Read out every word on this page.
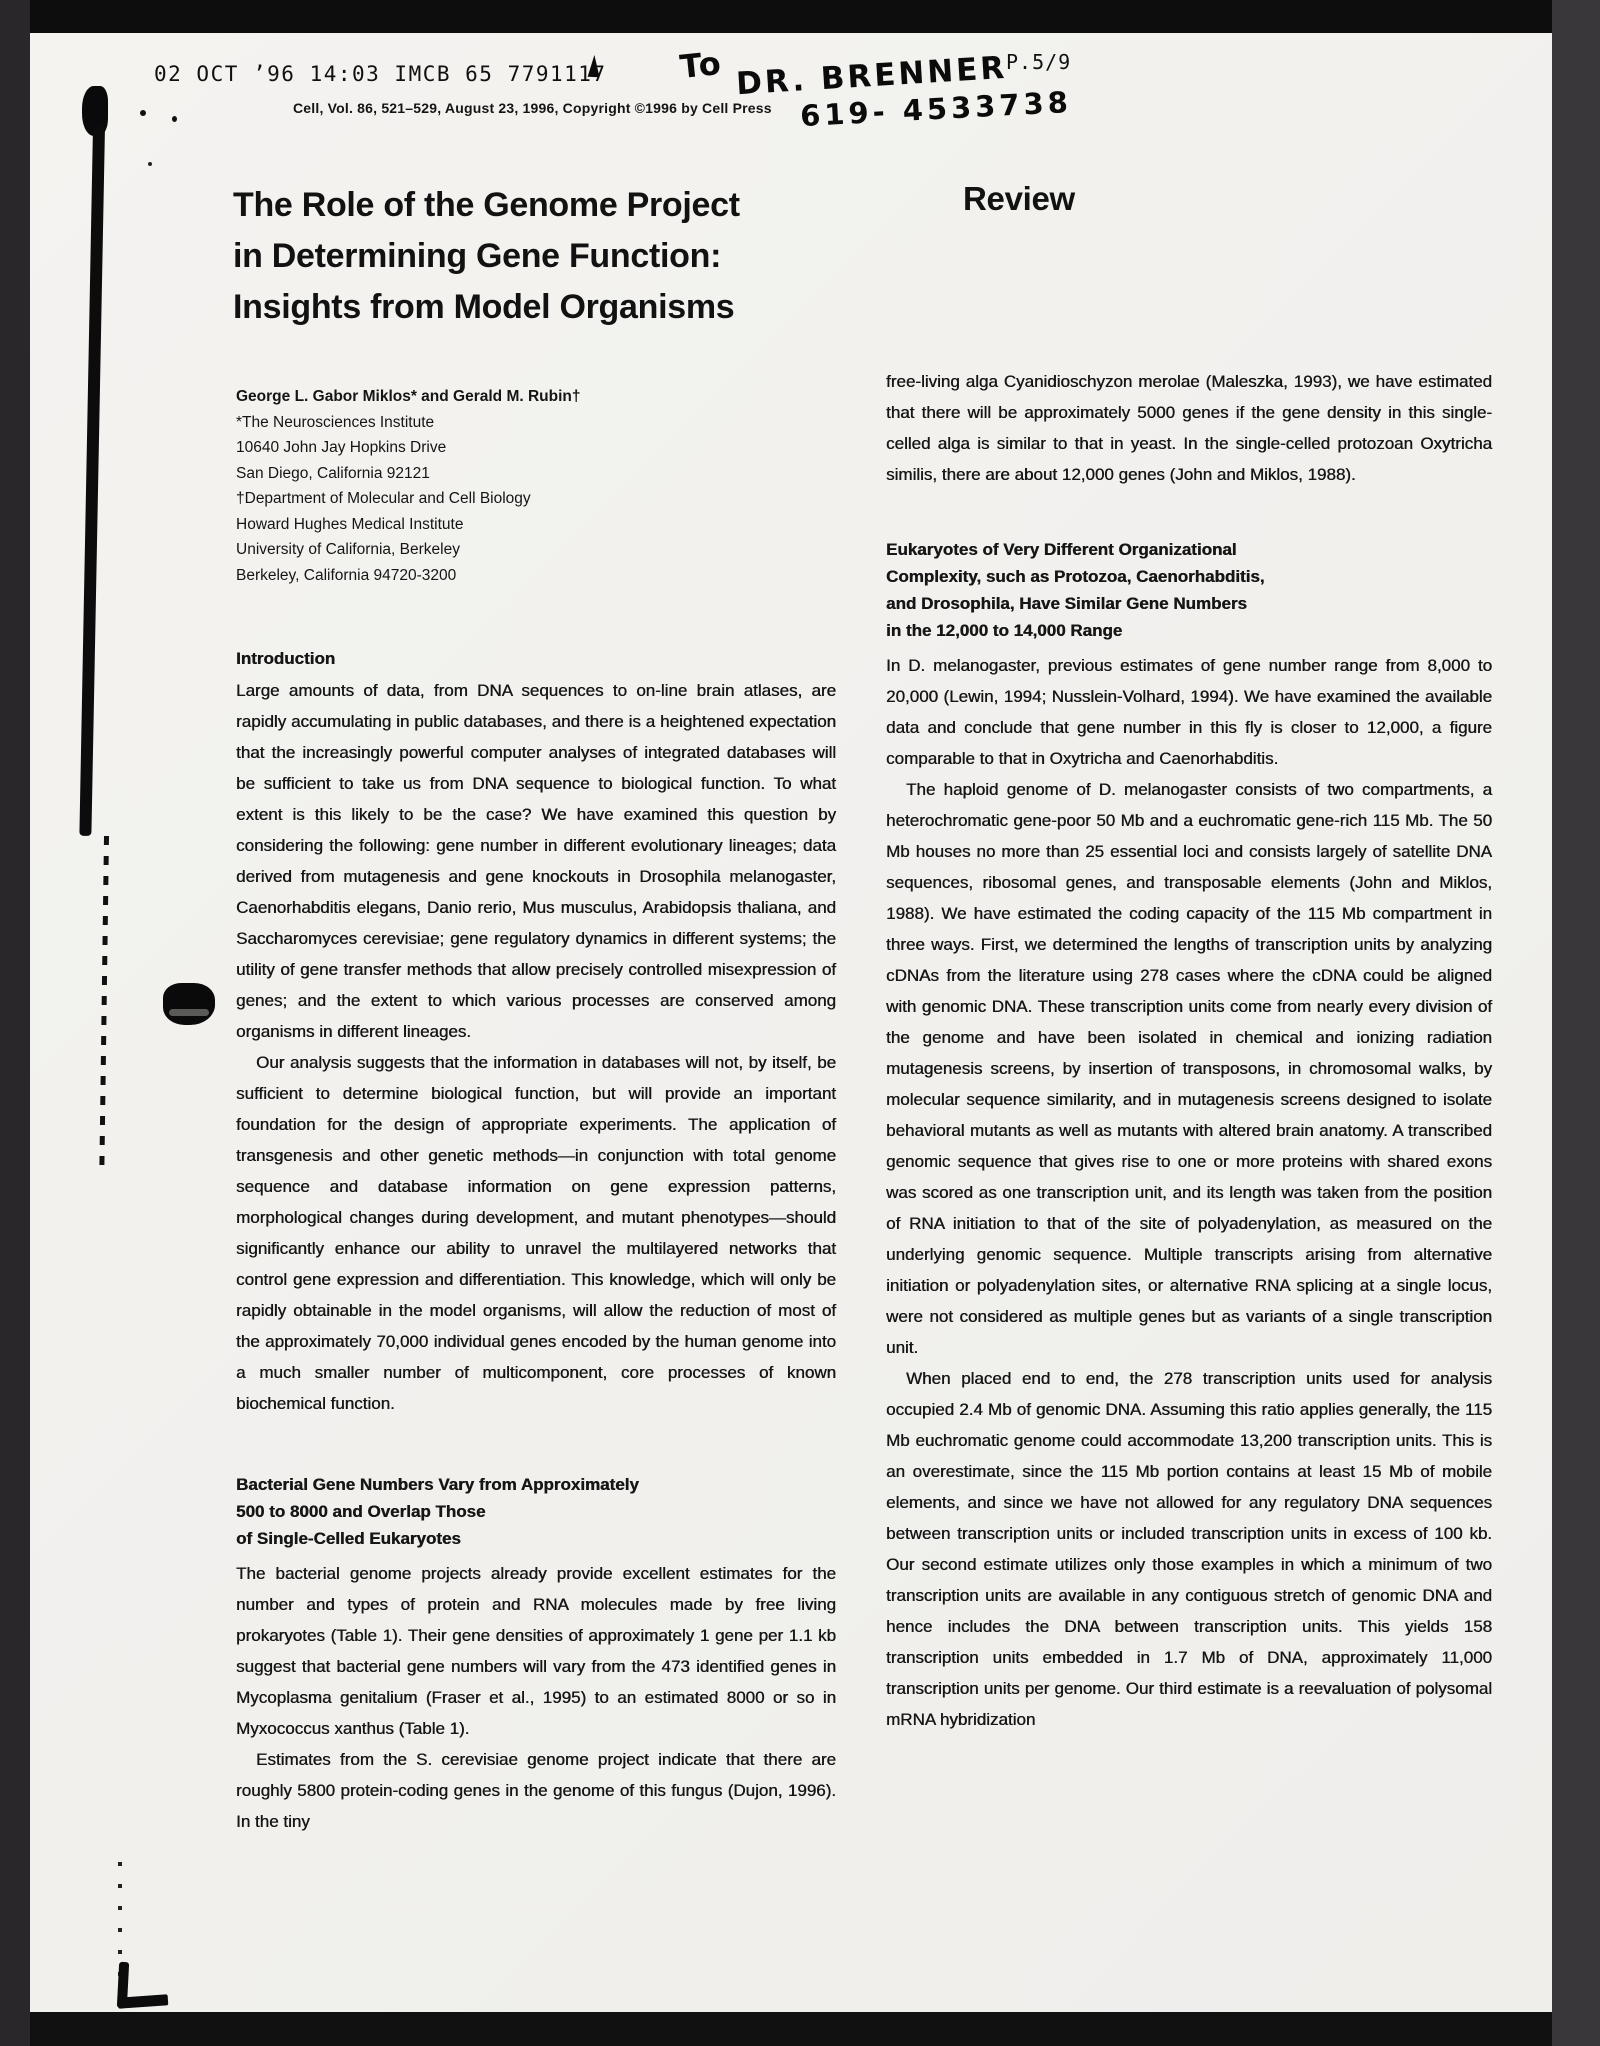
02 OCT ’96 14:03 IMCB 65 7791117	P.5/9
To DR. BRENNER
619- 4533738
Cell, Vol. 86, 521–529, August 23, 1996, Copyright ©1996 by Cell Press
The Role of the Genome Project
in Determining Gene Function:
Insights from Model Organisms
Review
George L. Gabor Miklos* and Gerald M. Rubin†
*The Neurosciences Institute
10640 John Jay Hopkins Drive
San Diego, California 92121
†Department of Molecular and Cell Biology
Howard Hughes Medical Institute
University of California, Berkeley
Berkeley, California 94720-3200
Introduction

Large amounts of data, from DNA sequences to on-line brain atlases, are rapidly accumulating in public databases, and there is a heightened expectation that the increasingly powerful computer analyses of integrated databases will be sufficient to take us from DNA sequence to biological function. To what extent is this likely to be the case? We have examined this question by considering the following: gene number in different evolutionary lineages; data derived from mutagenesis and gene knockouts in Drosophila melanogaster, Caenorhabditis elegans, Danio rerio, Mus musculus, Arabidopsis thaliana, and Saccharomyces cerevisiae; gene regulatory dynamics in different systems; the utility of gene transfer methods that allow precisely controlled misexpression of genes; and the extent to which various processes are conserved among organisms in different lineages.

Our analysis suggests that the information in databases will not, by itself, be sufficient to determine biological function, but will provide an important foundation for the design of appropriate experiments. The application of transgenesis and other genetic methods—in conjunction with total genome sequence and database information on gene expression patterns, morphological changes during development, and mutant phenotypes—should significantly enhance our ability to unravel the multilayered networks that control gene expression and differentiation. This knowledge, which will only be rapidly obtainable in the model organisms, will allow the reduction of most of the approximately 70,000 individual genes encoded by the human genome into a much smaller number of multicomponent, core processes of known biochemical function.

Bacterial Gene Numbers Vary from Approximately
500 to 8000 and Overlap Those
of Single-Celled Eukaryotes

The bacterial genome projects already provide excellent estimates for the number and types of protein and RNA molecules made by free living prokaryotes (Table 1). Their gene densities of approximately 1 gene per 1.1 kb suggest that bacterial gene numbers will vary from the 473 identified genes in Mycoplasma genitalium (Fraser et al., 1995) to an estimated 8000 or so in Myxococcus xanthus (Table 1).

Estimates from the S. cerevisiae genome project indicate that there are roughly 5800 protein-coding genes in the genome of this fungus (Dujon, 1996). In the tiny

free-living alga Cyanidioschyzon merolae (Maleszka, 1993), we have estimated that there will be approximately 5000 genes if the gene density in this single-celled alga is similar to that in yeast. In the single-celled protozoan Oxytricha similis, there are about 12,000 genes (John and Miklos, 1988).

Eukaryotes of Very Different Organizational
Complexity, such as Protozoa, Caenorhabditis,
and Drosophila, Have Similar Gene Numbers
in the 12,000 to 14,000 Range

In D. melanogaster, previous estimates of gene number range from 8,000 to 20,000 (Lewin, 1994; Nusslein-Volhard, 1994). We have examined the available data and conclude that gene number in this fly is closer to 12,000, a figure comparable to that in Oxytricha and Caenorhabditis.

The haploid genome of D. melanogaster consists of two compartments, a heterochromatic gene-poor 50 Mb and a euchromatic gene-rich 115 Mb. The 50 Mb houses no more than 25 essential loci and consists largely of satellite DNA sequences, ribosomal genes, and transposable elements (John and Miklos, 1988). We have estimated the coding capacity of the 115 Mb compartment in three ways. First, we determined the lengths of transcription units by analyzing cDNAs from the literature using 278 cases where the cDNA could be aligned with genomic DNA. These transcription units come from nearly every division of the genome and have been isolated in chemical and ionizing radiation mutagenesis screens, by insertion of transposons, in chromosomal walks, by molecular sequence similarity, and in mutagenesis screens designed to isolate behavioral mutants as well as mutants with altered brain anatomy. A transcribed genomic sequence that gives rise to one or more proteins with shared exons was scored as one transcription unit, and its length was taken from the position of RNA initiation to that of the site of polyadenylation, as measured on the underlying genomic sequence. Multiple transcripts arising from alternative initiation or polyadenylation sites, or alternative RNA splicing at a single locus, were not considered as multiple genes but as variants of a single transcription unit.

When placed end to end, the 278 transcription units used for analysis occupied 2.4 Mb of genomic DNA. Assuming this ratio applies generally, the 115 Mb euchromatic genome could accommodate 13,200 transcription units. This is an overestimate, since the 115 Mb portion contains at least 15 Mb of mobile elements, and since we have not allowed for any regulatory DNA sequences between transcription units or included transcription units in excess of 100 kb. Our second estimate utilizes only those examples in which a minimum of two transcription units are available in any contiguous stretch of genomic DNA and hence includes the DNA between transcription units. This yields 158 transcription units embedded in 1.7 Mb of DNA, approximately 11,000 transcription units per genome. Our third estimate is a reevaluation of polysomal mRNA hybridization
